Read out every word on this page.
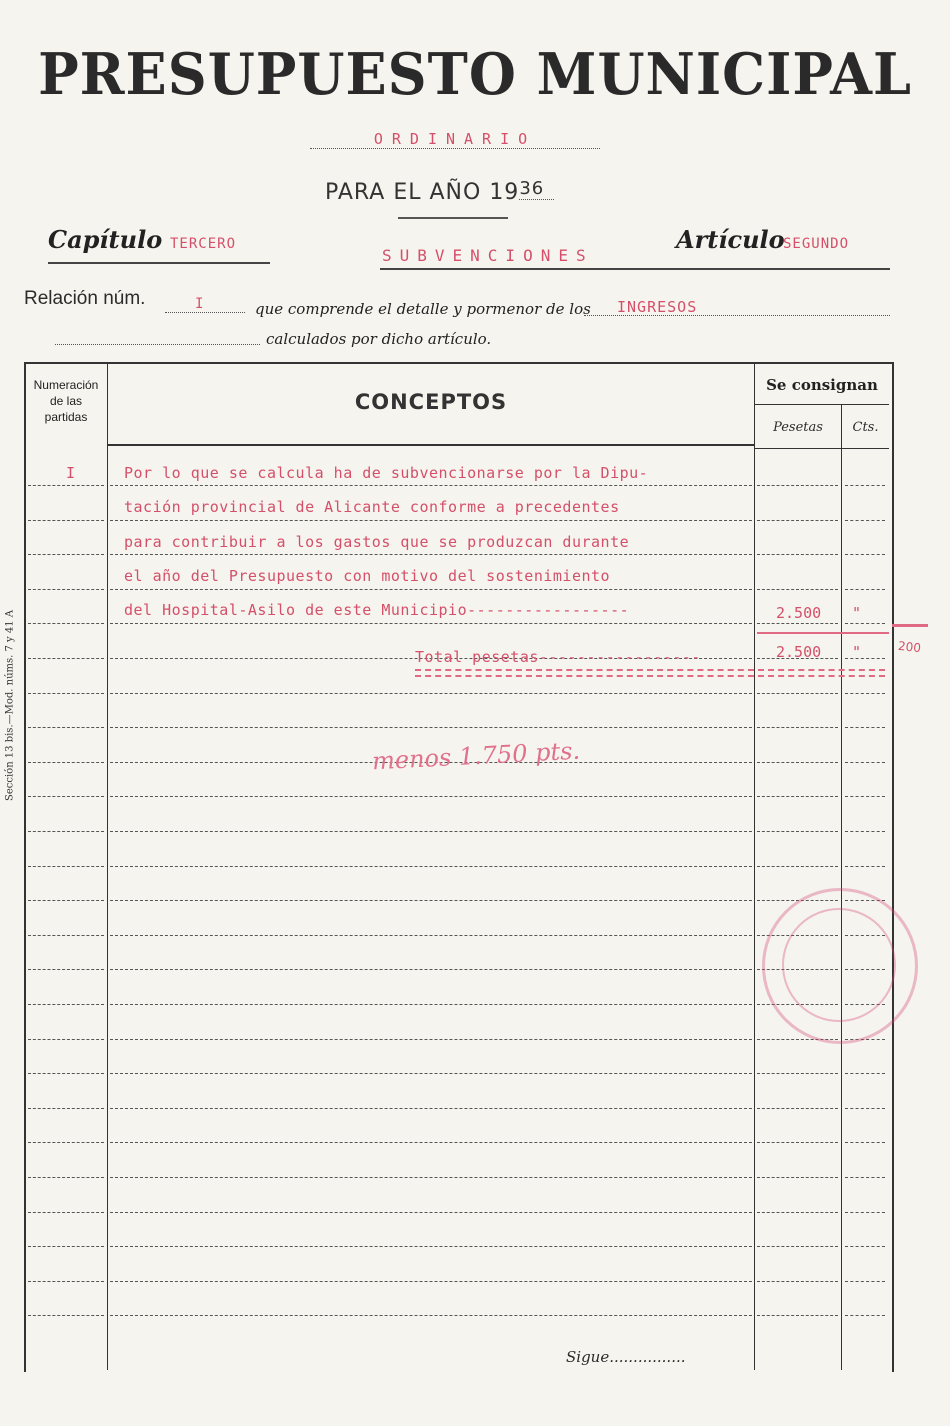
PRESUPUESTO MUNICIPAL
ORDINARIO
PARA EL AÑO $19^{36}$
Capítulo TERCERO
SUBVENCIONES
Artículo
SEGUNDO
Relación núm.	I	que comprende el detalle y pormenor de los INGRESOS
calculados por dicho artículo.
Numeración de las partidas
CONCEPTOS
Se consignan
Pesetas	Cts.
I	Por lo que se calcula ha de subvencionarse por la Dipu-
tación provincial de Alicante conforme a precedentes
para contribuir a los gastos que se produzcan durante
el año del Presupuesto con motivo del sostenimiento
del Hospital-Asilo de este Municipio-----------------	2.500 "
Total pesetas-----------------	2.500 "	200
menos 1.750 pts.
Sección 13 bis.—Mod. núms. 7 y 41 A
Sigue................
